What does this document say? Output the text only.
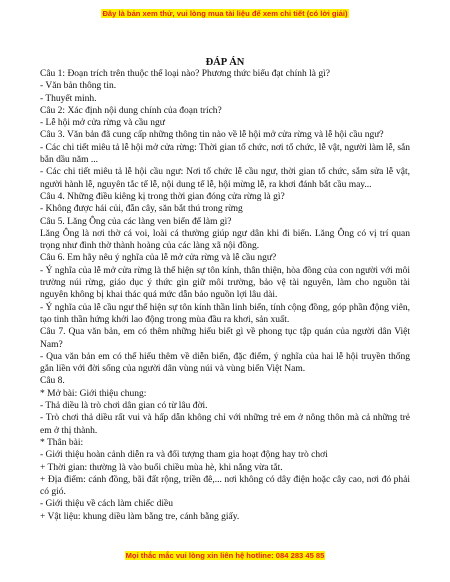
Đây là bản xem thử, vui lòng mua tài liệu để xem chi tiết (có lời giải)
ĐÁP ÁN

Câu 1: Đoạn trích trên thuộc thể loại nào? Phương thức biểu đạt chính là gì?

- Văn bản thông tin.

- Thuyết minh.

Câu 2: Xác định nội dung chính của đoạn trích?

- Lễ hội mở cửa rừng và cầu ngư

Câu 3. Văn bản đã cung cấp những thông tin nào về lễ hội mở cửa rừng và lễ hội cầu ngư?

- Các chi tiết miêu tả lễ hội mở cửa rừng: Thời gian tổ chức, nơi tổ chức, lễ vật, người làm lễ, sắn bắn dầu năm ...

- Các chi tiết miêu tả lễ hội cầu ngư: Nơi tổ chức lễ cầu ngư, thời gian tổ chức, sắm sửa lễ vật, người hành lễ, nguyên tắc tế lễ, nội dung tế lễ, hội mừng lễ, ra khơi đánh bắt cầu may...

Câu 4. Những điều kiêng kị trong thời gian đóng cửa rừng là gì?

- Không được hái củi, đẵn cây, săn bắt thú trong rừng

Câu 5. Lăng Ông của các làng ven biển để làm gì?

Lăng Ông là nơi thờ cá voi, loài cá thường giúp ngư dân khi đi biển. Lăng Ông có vị trí quan trọng như đình thờ thành hoàng của các làng xã nội đồng.

Câu 6. Em hãy nêu ý nghĩa của lễ mở cửa rừng và lễ cầu ngư?

- Ý nghĩa của lễ mở cửa rừng là thể hiện sự tôn kính, thân thiện, hòa đồng của con người với môi trường núi rừng, giáo dục ý thức gìn giữ môi trường, bảo vệ tài nguyên, làm cho nguồn tài nguyên không bị khai thác quá mức dẫn bảo nguồn lợi lâu dài.

- Ý nghĩa của lễ cầu ngư thể hiện sự tôn kính thần linh biển, tính cộng đồng, góp phần động viên, tạo tinh thần hứng khởi lao động trong mùa đầu ra khơi, sản xuất.

Câu 7. Qua văn bản, em có thêm những hiểu biết gì về phong tục tập quán của người dân Việt Nam?

- Qua văn bản em có thể hiểu thêm về diễn biến, đặc điểm, ý nghĩa của hai lễ hội truyền thống gắn liền với đời sống của người dân vùng núi và vùng biển Việt Nam.

Câu 8.

* Mở bài: Giới thiệu chung:

- Thả diều là trò chơi dân gian có từ lâu đời.

- Trò chơi thả diều rất vui và hấp dẫn không chỉ với những trẻ em ở nông thôn mà cả những trẻ em ở thị thành.

* Thân bài:

- Giới thiệu hoàn cảnh diễn ra và đối tượng tham gia hoạt động hay trò chơi

+ Thời gian: thường là vào buổi chiều mùa hè, khi nắng vừa tắt.

+ Địa điểm: cánh đồng, bãi đất rộng, triền đê,... nơi không có dây điện hoặc cây cao, nơi đó phải có gió.

- Giới thiệu về cách làm chiếc diều

+ Vật liệu: khung diều làm bằng tre, cánh bằng giấy.

Mọi thắc mắc vui lòng xin liên hệ hotline: 084 283 45 85
